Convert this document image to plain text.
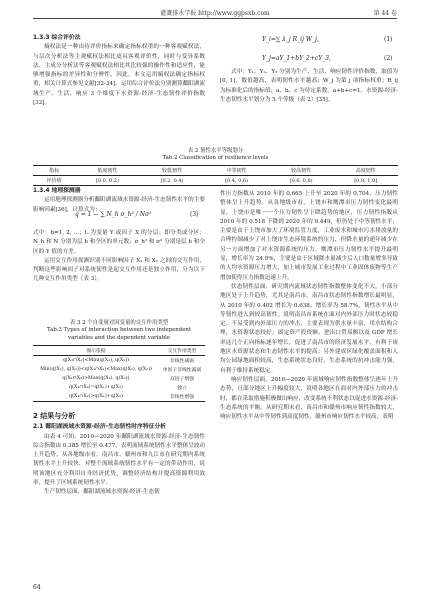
灌溉排水学报 http://www.ggpsxb.com	第 44 卷
1.3.3 综合评价法

熵权法是一种由待评价指标来确定指标权重的一种客观赋权法，与层次分析法等主观赋权法相比更具客观评价性，同时与变异系数法、主成分分析法等客观赋权法相比其比较强的操作性和适应性，能够增强指标的差异性和分辨性。因此，本文运用熵权法确定指标权重，相关计算式参见文献[32-34]。运用综合评价法分别测算鄱阳湖流域生产、生活、响应 3 个维度下水资源-经济-生态韧性评价指数[32]。

Y_i=∑ λ_j R_ij W_j,	(1)
Y_j=aY_1+bY_2+cY_3,	(2)

式中：Y₁、Y₂、Y₃ 分别为生产、生活、响应韧性评价指数，取值为[0, 1]，数值越高，表明韧性水平越高；W_j 为第 j 项指标权重；R_ij 为标准化后的指标值；a、b、c 为待定系数，a+b+c=1。水资源-经济-生态韧性水平划分为 5 个等级（表 2）[35]。

表 2 韧性水平等级划分
Tab.2 Classification of resilience levels
指标	低度韧性	较低韧性	中等韧性	较高韧性	高度韧性
评价值	[0.0, 0.2)	[0.2, 0.4)	[0.4, 0.6)	[0.6, 0.8)	[0.8, 1.0]
1.3.4 地理探测器

运用地理探测器分析鄱阳湖流域水资源-经济-生态韧性水平的主要影响因素[36]，计算式为：

q = 1 − ∑ N_h σ_h² / Nσ²	(3)

式中：h=1, 2, …；L 为变量 Y 或因子 X 的分层；即分类或分区；N_h 和 N 分别为层 h 和全区的单元数；σ_h² 和 σ² 分别是层 h 和全区的 Y 值的方差。

运用交互作用探测识别不同影响因子 X₁ 和 X₂ 之间的交互作用，判断这些影响因子对系统韧性是起交互作用还是独立作用，分为以下几种交互作用类型（表 3）。

表 3 2 个自变量对因变量的交互作用类型
Tab.3 Types of interaction between two independent
variables and the dependent variable
图示依据	交互作用类型
q(X₁∩X₂)<Min(q(X₁), q(X₂))	非线性减弱
Min(q(X₁), q(X₂))<q(X₁∩X₂)<Max(q(X₁), q(X₂))	单因子非线性减弱
q(X₁∩X₂)>Max(q(X₁), q(X₂))	双因子增强
q(X₁∩X₂)=q(X₁)+q(X₂)	独立
q(X₁∩X₂)>q(X₁)+q(X₂)	非线性增强
2 结果与分析
2.1 鄱阳湖流域水资源-经济-生态韧性时序特征分析

由表 4 可知，2010—2020 年鄱阳湖流域水资源-经济-生态韧性综合指数由 0.385 增长至 0.477，表明流域系统韧性水平整体呈波动上升趋势。从各地级市看，南昌市、赣州市和九江市在研究期内系统韧性水平上升较快，对整个流域系统韧性水平有一定的带动作用，说明该地区充分利用自身经济优势，调整经济结构并提高资源利用效率，提升了区域系统韧性水平。

生产韧性层面，鄱阳湖流域水资源-经济-生态韧

性压力指数从 2010 年的 0.665 上升至 2020 年的 0.704，压力韧性整体呈上升趋势。从各地级市看，上饶市和鹰潭市压力韧性变化最明显，上饶市是唯一一个压力韧性呈下降趋势的地区，压力韧性指数从 2010 年的 0.518 下降到 2020 年的 0.449，但仍处于中等韧性水平，主要是由于上饶市加大了环境监管力度，工业废水和城市污水排放量的合理控制减少了对上饶市生态环境系统的压力，但降水量的递年减少在另一方面增加了对水资源系统的压力。鹰潭市压力韧性水平提升最明显，增长率为 24.9%，主要是由于区域降水量减少后人口数量增多导致的人均水资源压力增大，加上城市发展工业过程中工业固体废物等生产增加使得压力指数迅速上升。

状态韧性层面，研究期内流域状态韧性指数整体变化不大，小部分地区处于上升趋势，尤其是南昌市。南昌市状态韧性指数增长最明显，从 2010 年的 0.402 增长为 0.638，增长率为 58.7%，韧性水平从中等韧性进入到较高韧性。说明南昌市系统在面对内外部压力时状态较稳定，不易受到内外部压力的冲击，主要表现为供水量丰富，用水结构合理，水资源状态较好；固定资产投资额、进出口贸易额以及 GDP 增长率这几个正向指标逐年增长，促进了南昌市的经济发展水平，有利于该地区水资源状态和生态韧性水平的提高；另外建成区绿化覆盖面积和人均公园绿地面积较高，生态系统状态良好，生态系统的抗冲击能力强，有利于维持系统稳定。

响应韧性层面，2010—2020 年流域响应韧性指数整体呈逐年上升态势，且部分地区上升幅度较大，说明各地区在面对内外部压力的冲击时，都在采取措施积极做出响应，改变系统不利状态以促进水资源-经济-生态系统的平衡。从研究期末看，南昌市和赣州市响应韧性指数较大，响应韧性水平从中等韧性到高度韧性，赣州市响应韧性水平较高，表明

64
